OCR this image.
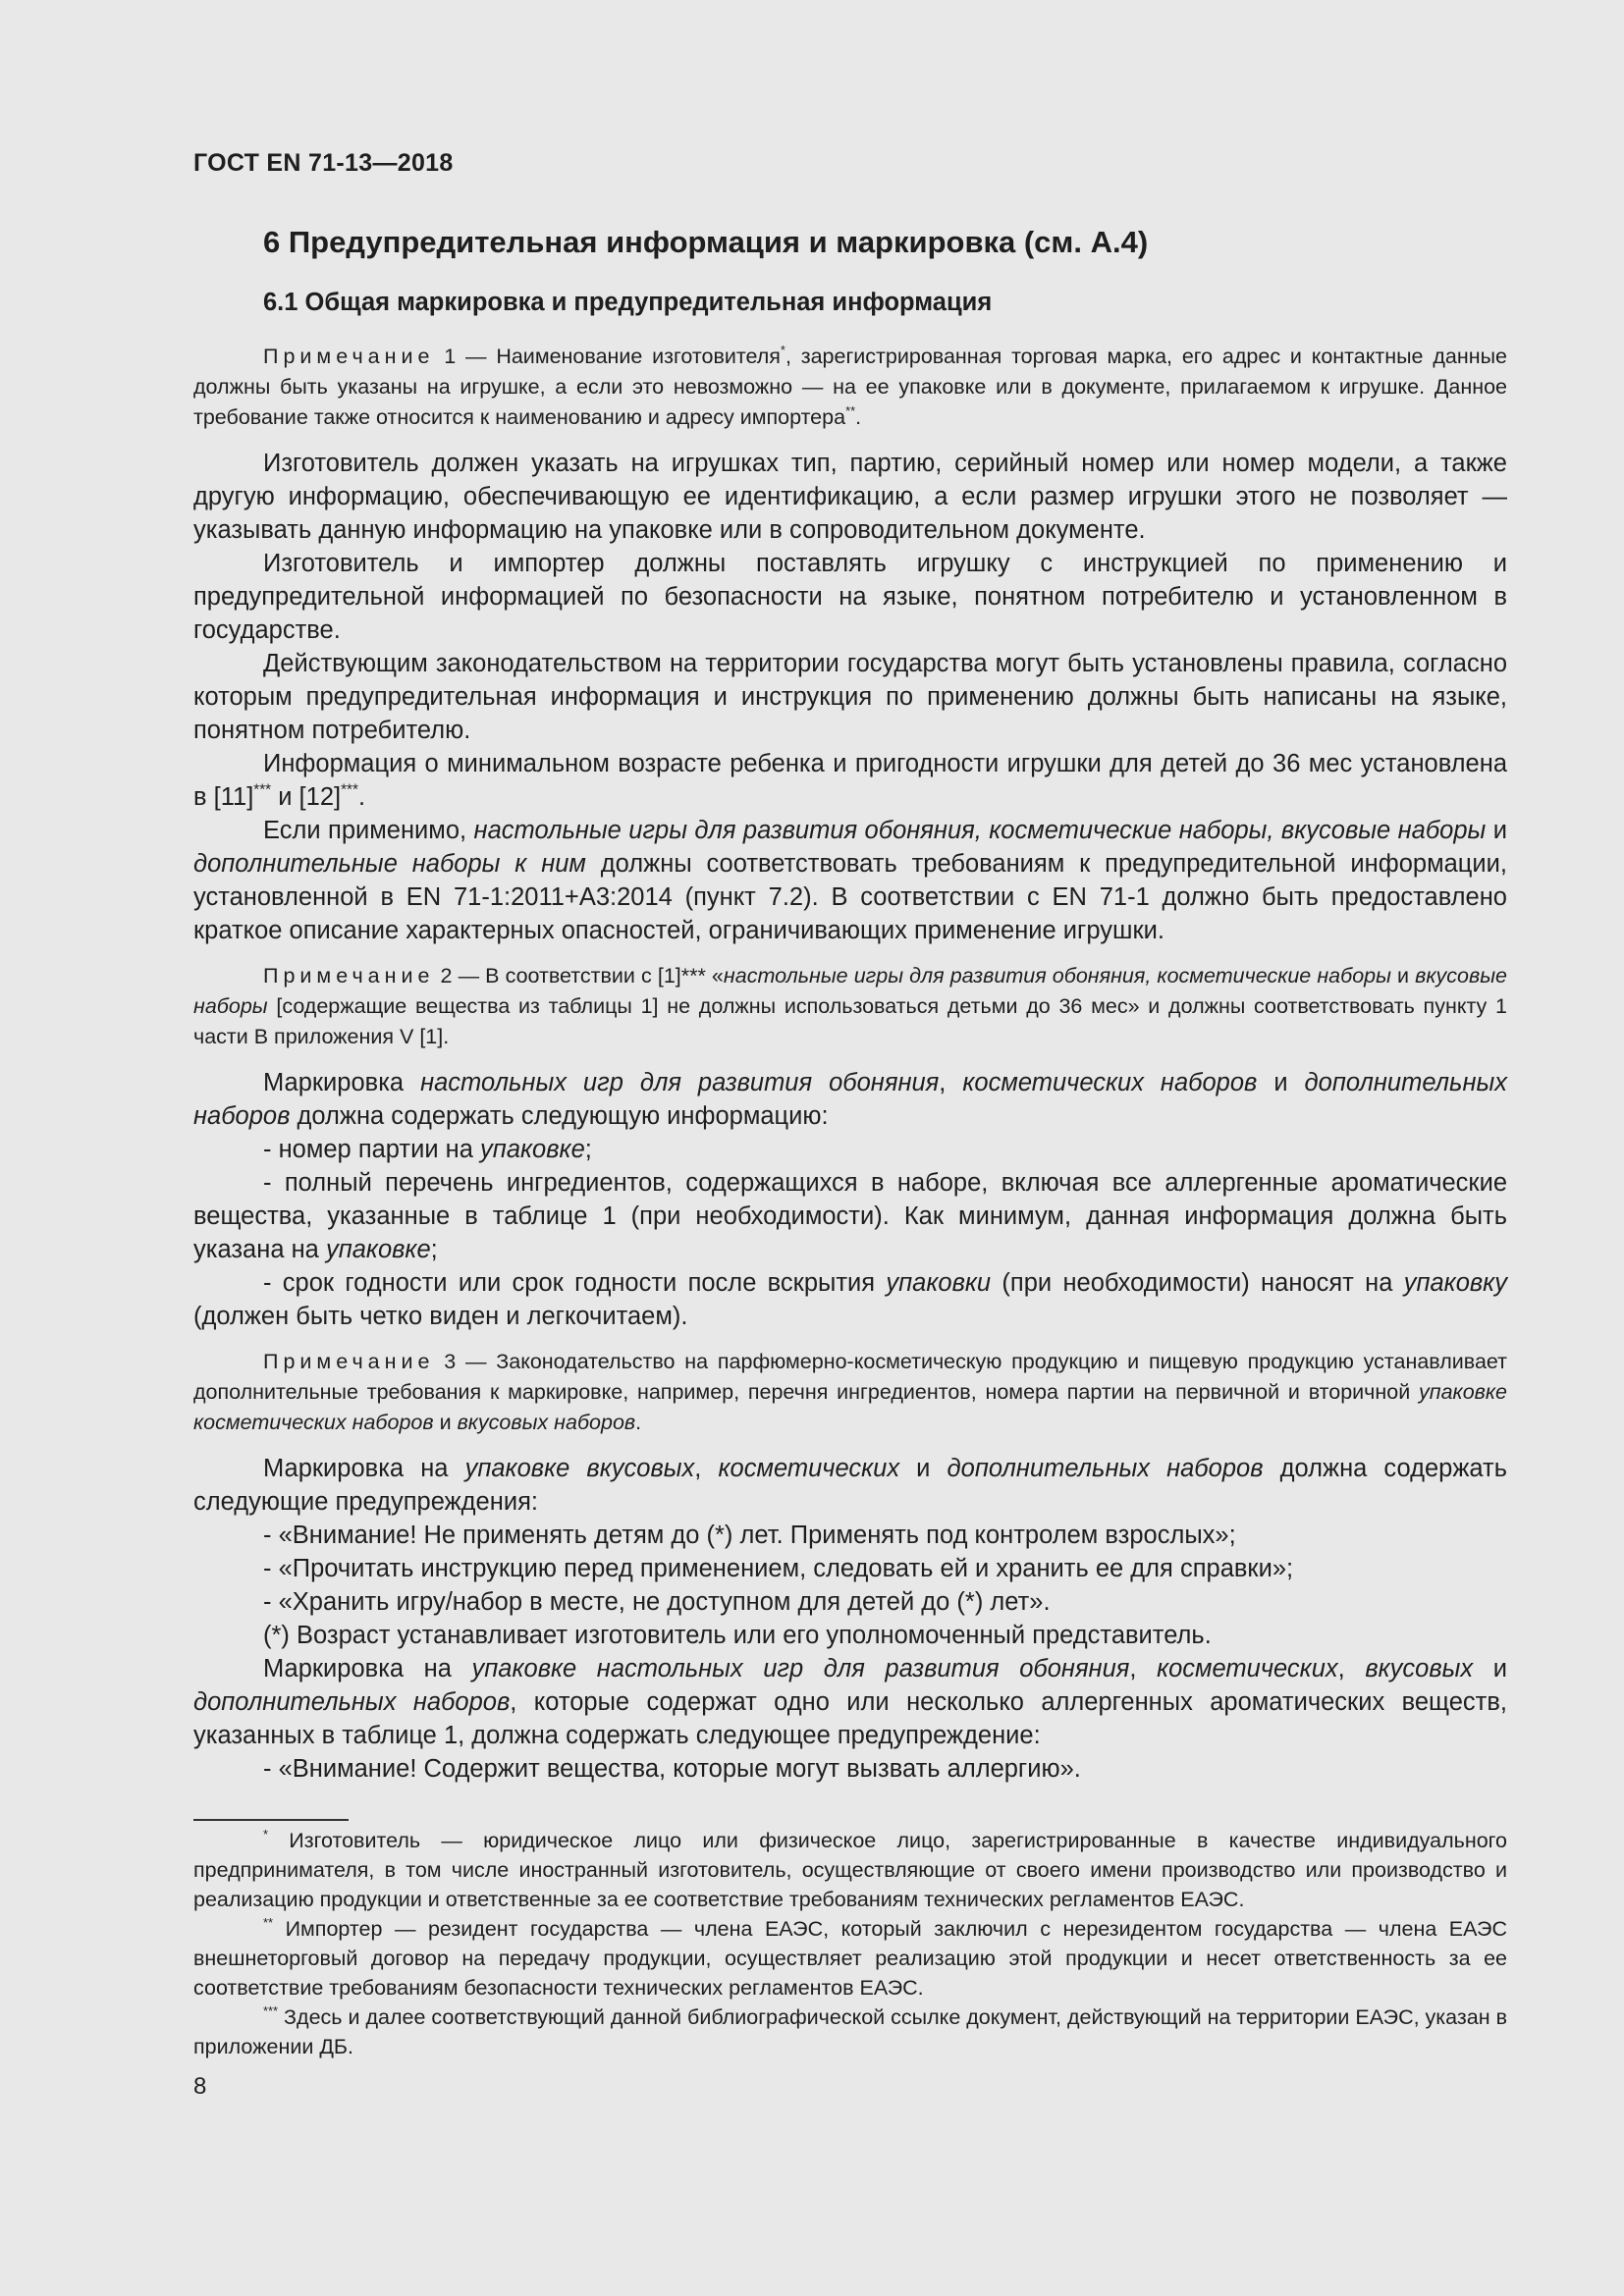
ГОСТ EN 71-13—2018
6 Предупредительная информация и маркировка (см. А.4)
6.1 Общая маркировка и предупредительная информация

Примечание 1 — Наименование изготовителя*, зарегистрированная торговая марка, его адрес и контактные данные должны быть указаны на игрушке, а если это невозможно — на ее упаковке или в документе, прилагаемом к игрушке. Данное требование также относится к наименованию и адресу импортера**.

Изготовитель должен указать на игрушках тип, партию, серийный номер или номер модели, а также другую информацию, обеспечивающую ее идентификацию, а если размер игрушки этого не позволяет — указывать данную информацию на упаковке или в сопроводительном документе.

Изготовитель и импортер должны поставлять игрушку с инструкцией по применению и предупредительной информацией по безопасности на языке, понятном потребителю и установленном в государстве.

Действующим законодательством на территории государства могут быть установлены правила, согласно которым предупредительная информация и инструкция по применению должны быть написаны на языке, понятном потребителю.

Информация о минимальном возрасте ребенка и пригодности игрушки для детей до 36 мес установлена в [11]*** и [12]***.

Если применимо, настольные игры для развития обоняния, косметические наборы, вкусовые наборы и дополнительные наборы к ним должны соответствовать требованиям к предупредительной информации, установленной в EN 71-1:2011+А3:2014 (пункт 7.2). В соответствии с EN 71-1 должно быть предоставлено краткое описание характерных опасностей, ограничивающих применение игрушки.

Примечание 2 — В соответствии с [1]*** «настольные игры для развития обоняния, косметические наборы и вкусовые наборы [содержащие вещества из таблицы 1] не должны использоваться детьми до 36 мес» и должны соответствовать пункту 1 части В приложения V [1].

Маркировка настольных игр для развития обоняния, косметических наборов и дополнительных наборов должна содержать следующую информацию:

- номер партии на упаковке;

- полный перечень ингредиентов, содержащихся в наборе, включая все аллергенные ароматические вещества, указанные в таблице 1 (при необходимости). Как минимум, данная информация должна быть указана на упаковке;

- срок годности или срок годности после вскрытия упаковки (при необходимости) наносят на упаковку (должен быть четко виден и легкочитаем).

Примечание 3 — Законодательство на парфюмерно-косметическую продукцию и пищевую продукцию устанавливает дополнительные требования к маркировке, например, перечня ингредиентов, номера партии на первичной и вторичной упаковке косметических наборов и вкусовых наборов.

Маркировка на упаковке вкусовых, косметических и дополнительных наборов должна содержать следующие предупреждения:

- «Внимание! Не применять детям до (*) лет. Применять под контролем взрослых»;

- «Прочитать инструкцию перед применением, следовать ей и хранить ее для справки»;

- «Хранить игру/набор в месте, не доступном для детей до (*) лет».

(*) Возраст устанавливает изготовитель или его уполномоченный представитель.

Маркировка на упаковке настольных игр для развития обоняния, косметических, вкусовых и дополнительных наборов, которые содержат одно или несколько аллергенных ароматических веществ, указанных в таблице 1, должна содержать следующее предупреждение:

- «Внимание! Содержит вещества, которые могут вызвать аллергию».

* Изготовитель — юридическое лицо или физическое лицо, зарегистрированные в качестве индивидуального предпринимателя, в том числе иностранный изготовитель, осуществляющие от своего имени производство или производство и реализацию продукции и ответственные за ее соответствие требованиям технических регламентов ЕАЭС.

** Импортер — резидент государства — члена ЕАЭС, который заключил с нерезидентом государства — члена ЕАЭС внешнеторговый договор на передачу продукции, осуществляет реализацию этой продукции и несет ответственность за ее соответствие требованиям безопасности технических регламентов ЕАЭС.

*** Здесь и далее соответствующий данной библиографической ссылке документ, действующий на территории ЕАЭС, указан в приложении ДБ.

8
